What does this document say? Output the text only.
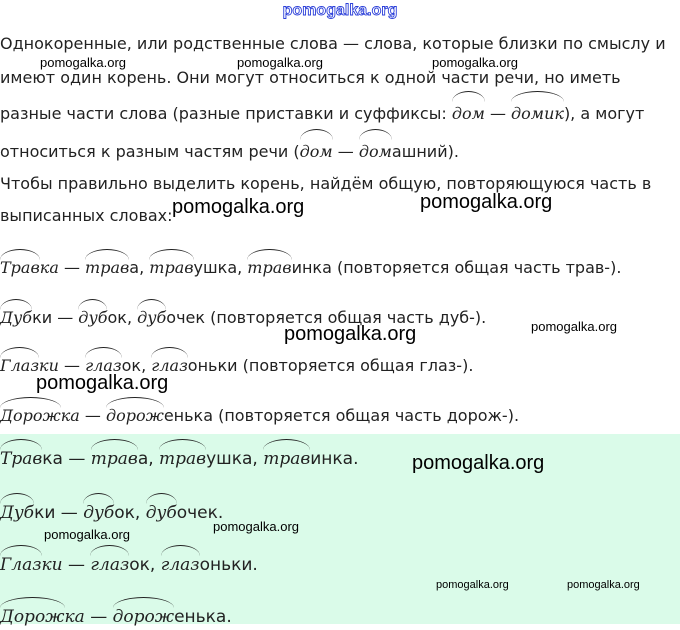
pomogalka.org
Однокоренные, или родственные слова — слова, которые близки по смыслу и
имеют один корень. Они могут относиться к одной части речи, но иметь
разные части слова (разные приставки и суффиксы:
дом —
домик), а могут
относиться к разным частям речи (
дом —
домашний).
Чтобы правильно выделить корень, найдём общую, повторяющуюся часть в
выписанных словах:
Травка —
трава,
травушка,
травинка (повторяется общая часть трав-).
Дубки —
дубок,
дубочек (повторяется общая часть дуб-).
Глазки —
глазок,
глазоньки (повторяется общая глаз-).
Дорожка —
дороженька (повторяется общая часть дорож-).
Травка —
трава,
травушка,
травинка.
Дубки —
дубок,
дубочек.
Глазки —
глазок,
глазоньки.
Дорожка —
дороженька.
pomogalka.org	pomogalka.org	pomogalka.org
pomogalka.org	pomogalka.org
pomogalka.org	pomogalka.org
pomogalka.org
pomogalka.org
pomogalka.org
pomogalka.org
pomogalka.org	pomogalka.org
